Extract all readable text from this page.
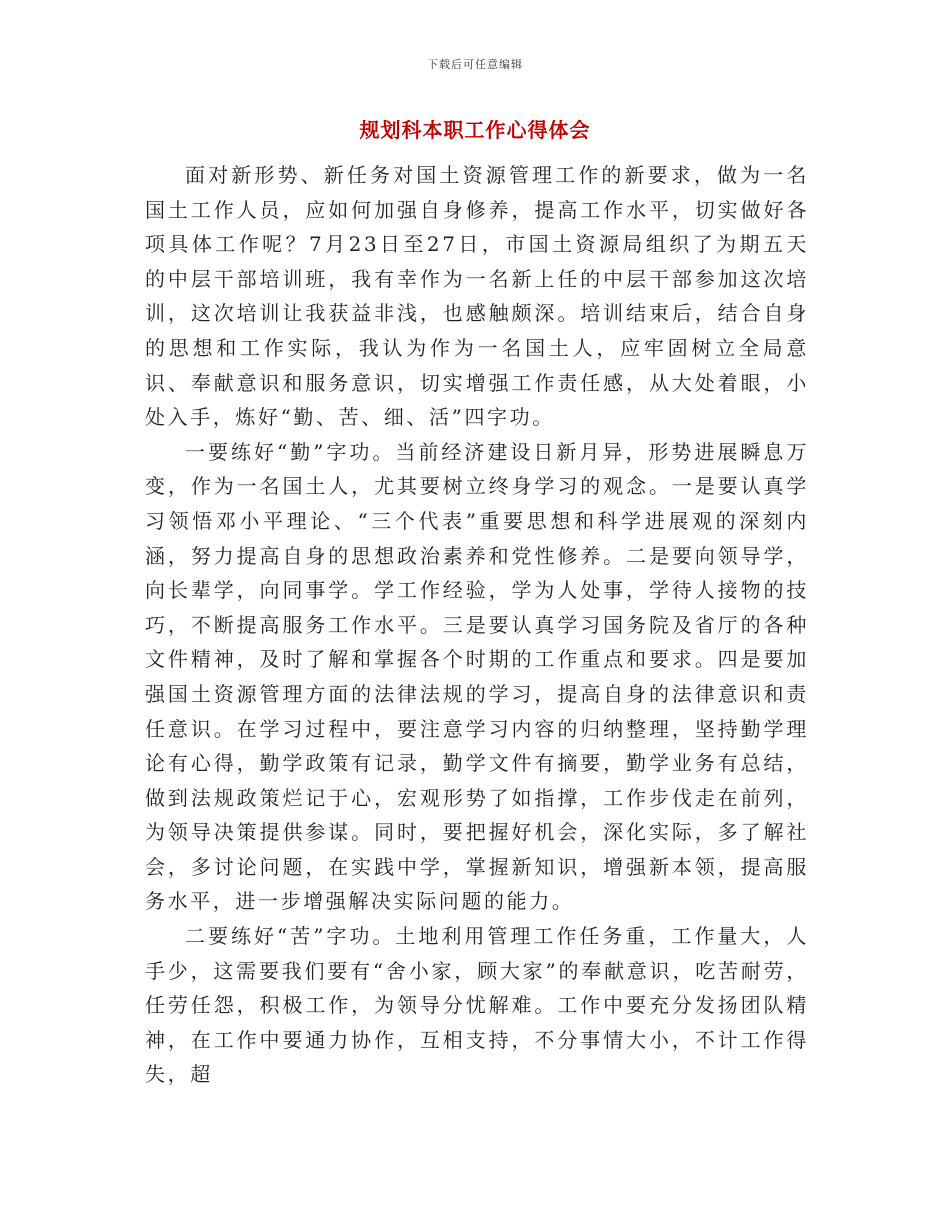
下载后可任意编辑
规划科本职工作心得体会

面对新形势、新任务对国土资源管理工作的新要求，做为一名国土工作人员，应如何加强自身修养，提高工作水平，切实做好各项具体工作呢？7月23日至27日，市国土资源局组织了为期五天的中层干部培训班，我有幸作为一名新上任的中层干部参加这次培训，这次培训让我获益非浅，也感触颇深。培训结束后，结合自身的思想和工作实际，我认为作为一名国土人，应牢固树立全局意识、奉献意识和服务意识，切实增强工作责任感，从大处着眼，小处入手，炼好“勤、苦、细、活”四字功。

一要练好“勤”字功。当前经济建设日新月异，形势进展瞬息万变，作为一名国土人，尤其要树立终身学习的观念。一是要认真学习领悟邓小平理论、“三个代表”重要思想和科学进展观的深刻内涵，努力提高自身的思想政治素养和党性修养。二是要向领导学，向长辈学，向同事学。学工作经验，学为人处事，学待人接物的技巧，不断提高服务工作水平。三是要认真学习国务院及省厅的各种文件精神，及时了解和掌握各个时期的工作重点和要求。四是要加强国土资源管理方面的法律法规的学习，提高自身的法律意识和责任意识。在学习过程中，要注意学习内容的归纳整理，坚持勤学理论有心得，勤学政策有记录，勤学文件有摘要，勤学业务有总结，做到法规政策烂记于心，宏观形势了如指撑，工作步伐走在前列，为领导决策提供参谋。同时，要把握好机会，深化实际，多了解社会，多讨论问题，在实践中学，掌握新知识，增强新本领，提高服务水平，进一步增强解决实际问题的能力。

二要练好“苦”字功。土地利用管理工作任务重，工作量大，人手少，这需要我们要有“舍小家，顾大家”的奉献意识，吃苦耐劳，任劳任怨，积极工作，为领导分忧解难。工作中要充分发扬团队精神，在工作中要通力协作，互相支持，不分事情大小，不计工作得失，超
